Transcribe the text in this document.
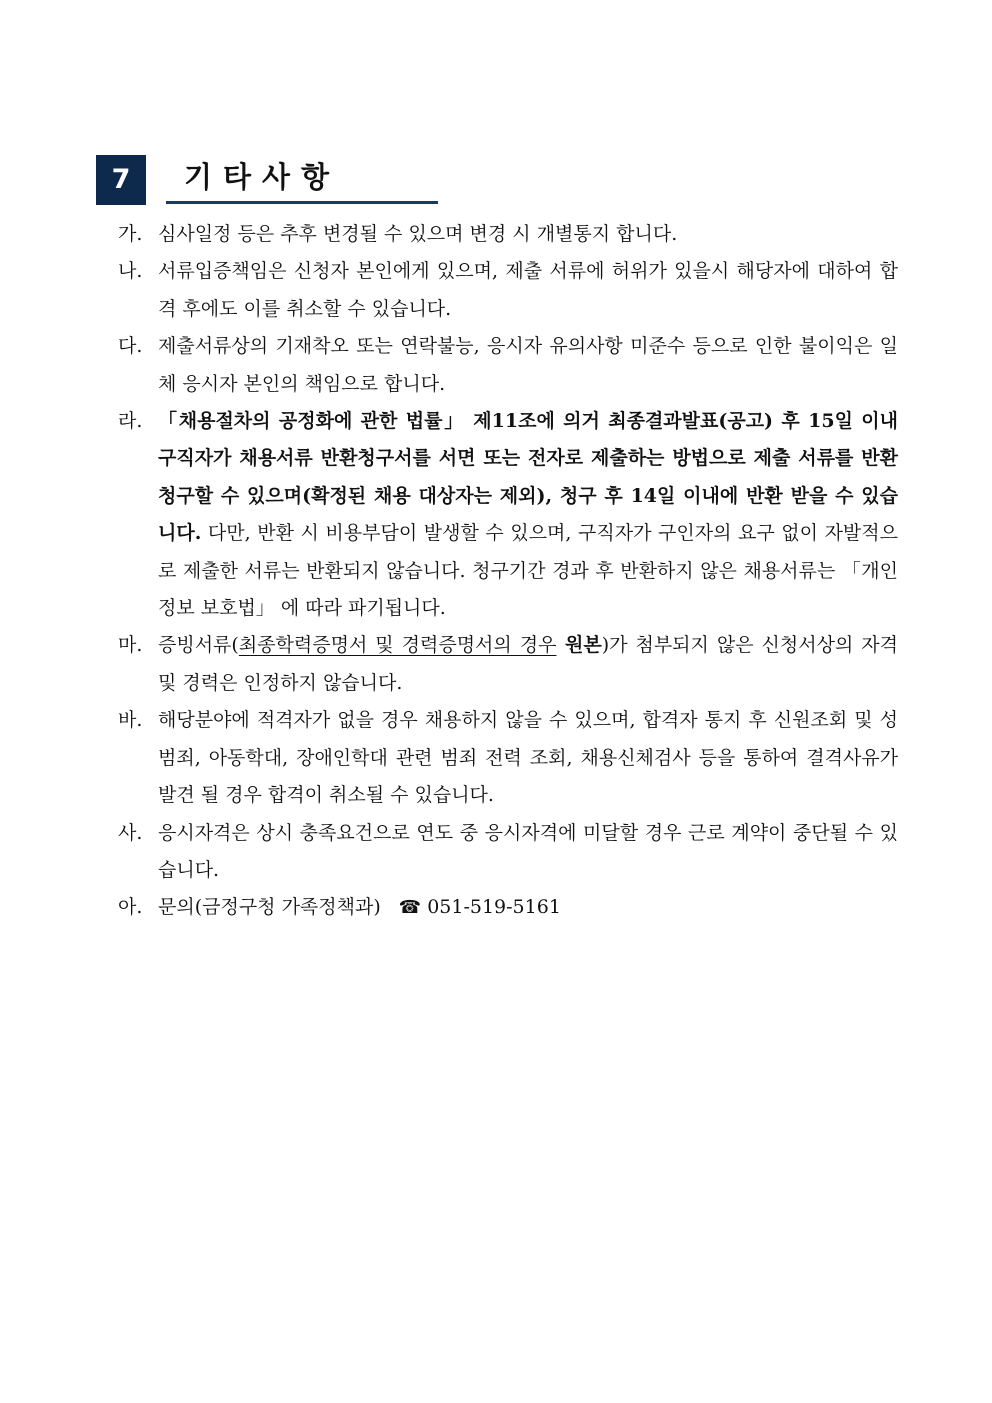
7	기타사항
가. 심사일정 등은 추후 변경될 수 있으며 변경 시 개별통지 합니다.
나. 서류입증책임은 신청자 본인에게 있으며, 제출 서류에 허위가 있을시 해당자에 대하여 합격 후에도 이를 취소할 수 있습니다.
다. 제출서류상의 기재착오 또는 연락불능, 응시자 유의사항 미준수 등으로 인한 불이익은 일체 응시자 본인의 책임으로 합니다.
라. 「채용절차의 공정화에 관한 법률」 제11조에 의거 최종결과발표(공고) 후 15일 이내 구직자가 채용서류 반환청구서를 서면 또는 전자로 제출하는 방법으로 제출 서류를 반환 청구할 수 있으며(확정된 채용 대상자는 제외), 청구 후 14일 이내에 반환 받을 수 있습니다. 다만, 반환 시 비용부담이 발생할 수 있으며, 구직자가 구인자의 요구 없이 자발적으로 제출한 서류는 반환되지 않습니다. 청구기간 경과 후 반환하지 않은 채용서류는 「개인정보 보호법」 에 따라 파기됩니다.
마. 증빙서류(최종학력증명서 및 경력증명서의 경우 원본)가 첨부되지 않은 신청서상의 자격 및 경력은 인정하지 않습니다.
바. 해당분야에 적격자가 없을 경우 채용하지 않을 수 있으며, 합격자 통지 후 신원조회 및 성범죄, 아동학대, 장애인학대 관련 범죄 전력 조회, 채용신체검사 등을 통하여 결격사유가 발견 될 경우 합격이 취소될 수 있습니다.
사. 응시자격은 상시 충족요건으로 연도 중 응시자격에 미달할 경우 근로 계약이 중단될 수 있습니다.
아. 문의(금정구청 가족정책과) ☎ 051-519-5161
